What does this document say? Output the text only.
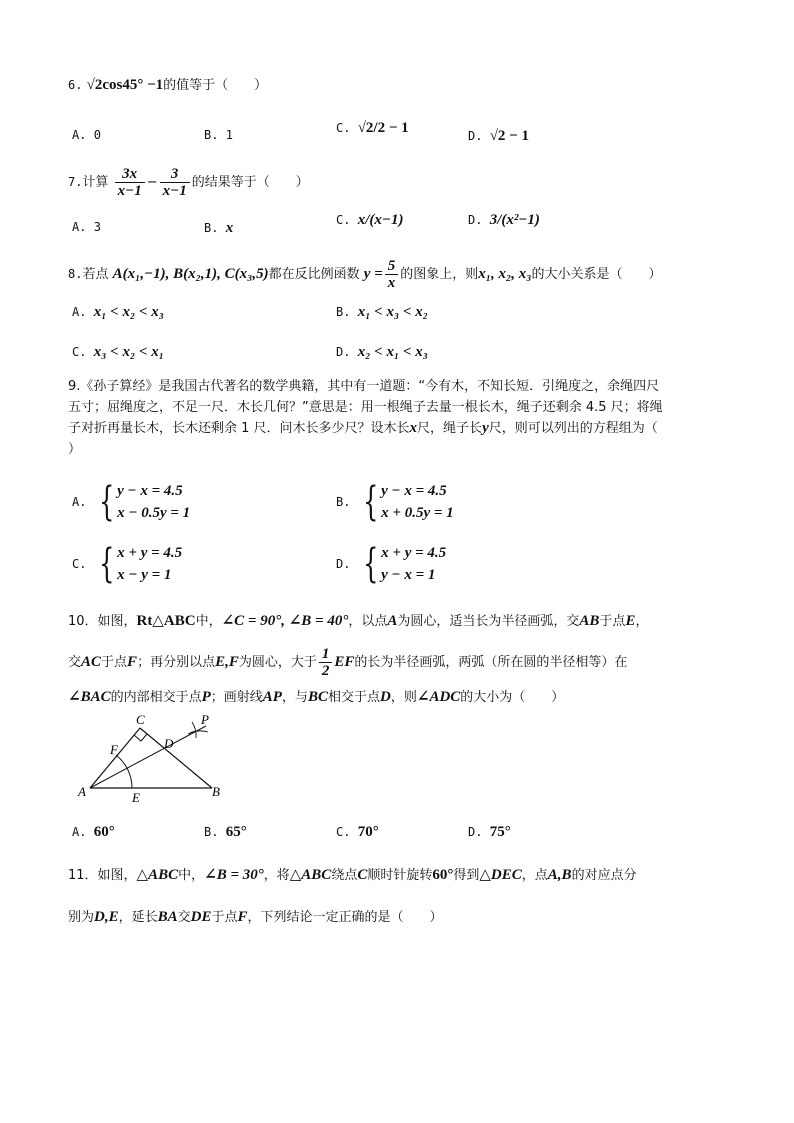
6. √2cos45° −1的值等于（　　）
A. 0	B. 1	C. √2/2 − 1	D. √2 − 1
7.计算 $\frac{3x}{x-1} - \frac{3}{x-1}$ 的结果等于（　　）
A. 3	B. x	C. x/(x−1)	D. 3/(x²−1)
8.若点 A(x₁,−1), B(x₂,1), C(x₃,5)都在反比例函数 $y = \frac{5}{x}$ 的图象上，则x₁, x₂, x₃的大小关系是（　　）
A. x₁ < x₂ < x₃	B. x₁ < x₃ < x₂
C. x₃ < x₂ < x₁	D. x₂ < x₁ < x₃
9.《孙子算经》是我国古代著名的数学典籍，其中有一道题：“今有木，不知长短．引绳度之，余绳四尺
五寸；屈绳度之，不足一尺．木长几何？”意思是：用一根绳子去量一根长木，绳子还剩余 4.5 尺；将绳
子对折再量长木，长木还剩余 1 尺．问木长多少尺？设木长x尺，绳子长y尺，则可以列出的方程组为（
）
A. { y − x = 4.5
x − 0.5y = 1
B. { y − x = 4.5
x + 0.5y = 1
C. { x + y = 4.5
x − y = 1
D. { x + y = 4.5
y − x = 1
10．如图，Rt△ABC中，∠C = 90°, ∠B = 40°，以点A为圆心，适当长为半径画弧，交AB于点E，
交AC于点F；再分别以点E,F为圆心，大于 $\frac{1}{2}$ EF的长为半径画弧，两弧（所在圆的半径相等）在
∠BAC的内部相交于点P；画射线AP，与BC相交于点D，则∠ADC的大小为（　　）
C	P
F	D
A	E	B
A. 60°	B. 65°	C. 70°	D. 75°
11．如图，△ABC中，∠B = 30°，将△ABC绕点C顺时针旋转60°得到△DEC，点A,B的对应点分
别为D,E，延长BA交DE于点F，下列结论一定正确的是（　　）
